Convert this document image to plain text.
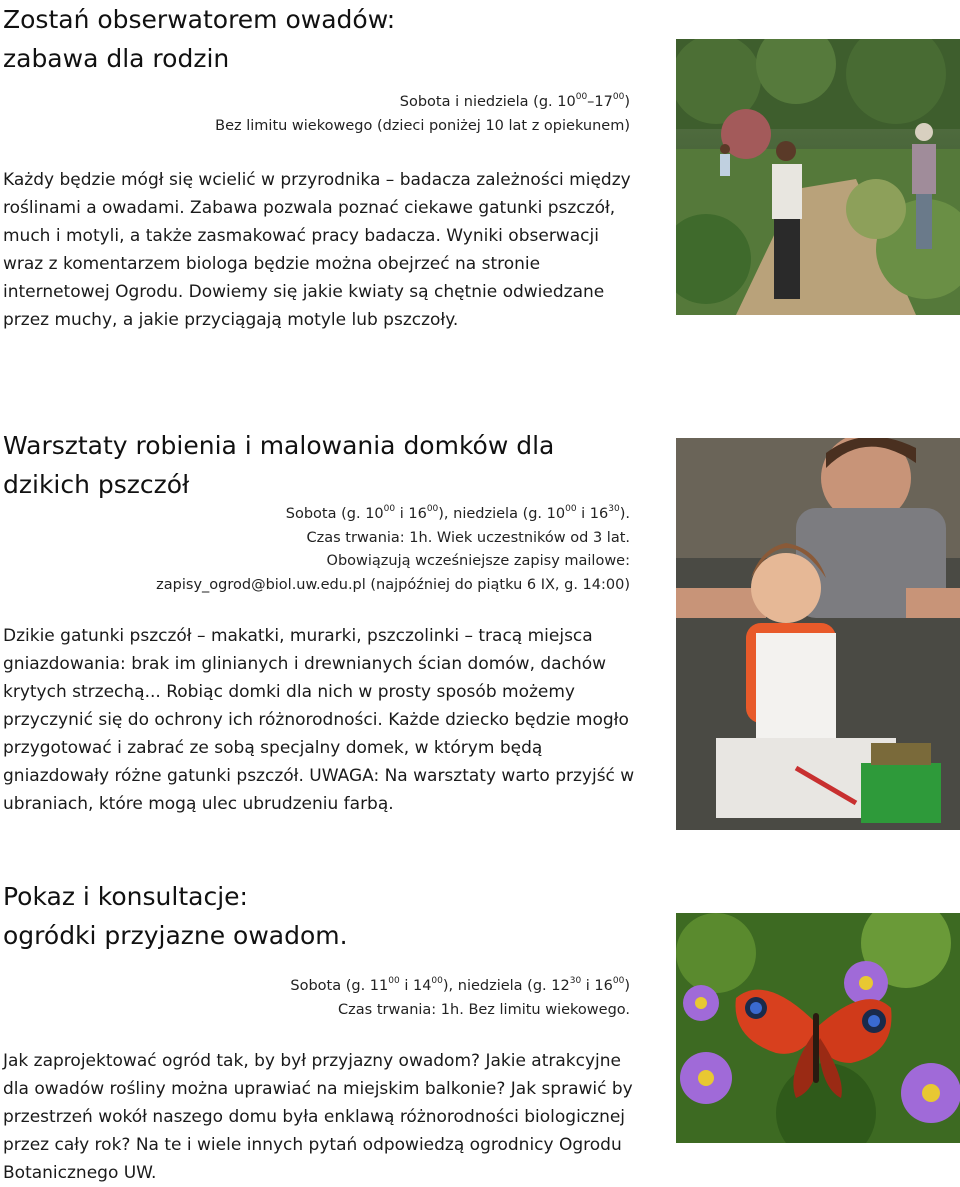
Zostań obserwatorem owadów:
zabawa dla rodzin
Sobota i niedziela (g. $10^{00}-17^{00}$)
Bez limitu wiekowego (dzieci poniżej 10 lat z opiekunem)

Każdy będzie mógł się wcielić w przyrodnika – badacza zależności między roślinami a owadami. Zabawa pozwala poznać ciekawe gatunki pszczół, much i motyli, a także zasmakować pracy badacza. Wyniki obserwacji wraz z komentarzem biologa będzie można obejrzeć na stronie internetowej Ogrodu. Dowiemy się jakie kwiaty są chętnie odwiedzane przez muchy, a jakie przyciągają motyle lub pszczoły.

Warsztaty robienia i malowania domków dla
dzikich pszczół
Sobota (g. $10^{00}$ i $16^{00}$), niedziela (g. $10^{00}$ i $16^{30}$).
Czas trwania: 1h. Wiek uczestników od 3 lat.
Obowiązują wcześniejsze zapisy mailowe:
zapisy_ogrod@biol.uw.edu.pl (najpóźniej do piątku 6 IX, g. 14:00)

Dzikie gatunki pszczół – makatki, murarki, pszczolinki – tracą miejsca gniazdowania: brak im glinianych i drewnianych ścian domów, dachów krytych strzechą... Robiąc domki dla nich w prosty sposób możemy przyczynić się do ochrony ich różnorodności. Każde dziecko będzie mogło przygotować i zabrać ze sobą specjalny domek, w którym będą gniazdowały różne gatunki pszczół. UWAGA: Na warsztaty warto przyjść w ubraniach, które mogą ulec ubrudzeniu farbą.

Pokaz i konsultacje:
ogródki przyjazne owadom.
Sobota (g. $11^{00}$ i $14^{00}$), niedziela (g. $12^{30}$ i $16^{00}$)
Czas trwania: 1h. Bez limitu wiekowego.

Jak zaprojektować ogród tak, by był przyjazny owadom? Jakie atrakcyjne dla owadów rośliny można uprawiać na miejskim balkonie? Jak sprawić by przestrzeń wokół naszego domu była enklawą różnorodności biologicznej przez cały rok? Na te i wiele innych pytań odpowiedzą ogrodnicy Ogrodu Botanicznego UW.
